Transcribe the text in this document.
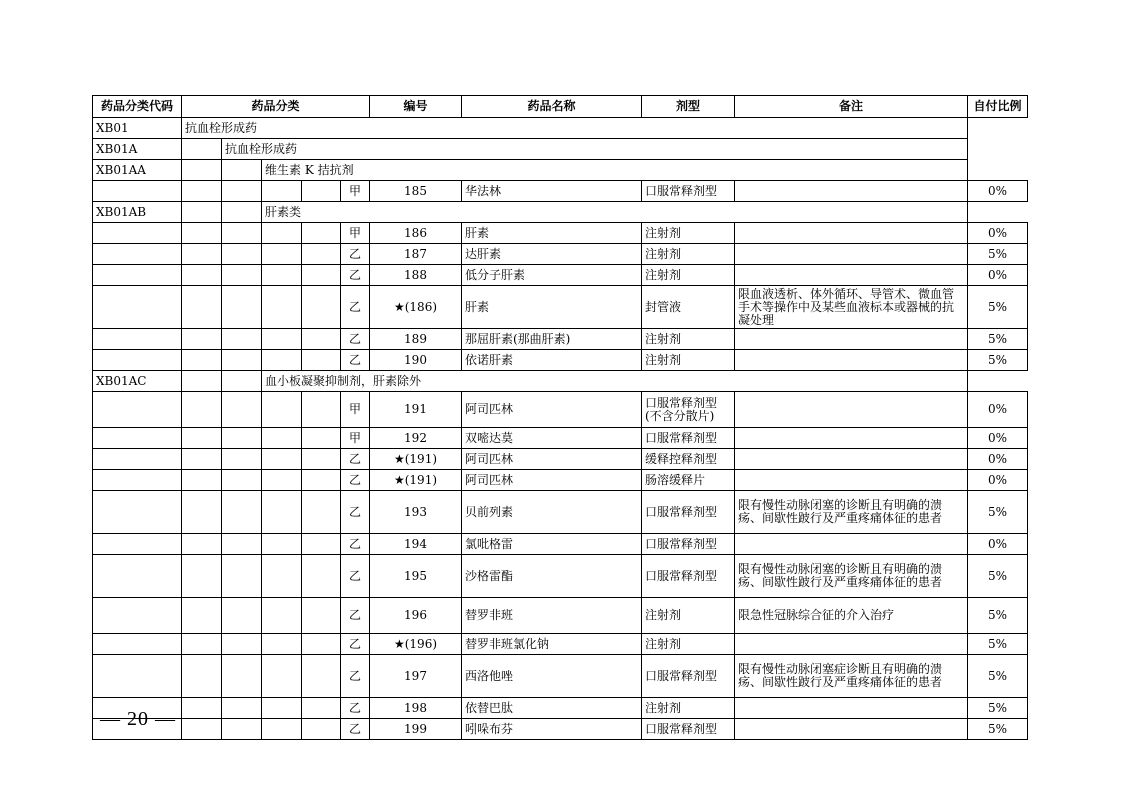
药品分类代码	药品分类					编号	药品名称	剂型	备注	自付比例
XB01	抗血栓形成药									
XB01A		抗血栓形成药								
XB01AA			维生素 K 拮抗剂							
					甲	185	华法林	口服常释剂型		0%
XB01AB			肝素类							
					甲	186	肝素	注射剂		0%
					乙	187	达肝素	注射剂		5%
					乙	188	低分子肝素	注射剂		0%
					乙	★(186)	肝素	封管液	限血液透析、体外循环、导管术、微血管手术等操作中及某些血液标本或器械的抗凝处理	5%
					乙	189	那屈肝素(那曲肝素)	注射剂		5%
					乙	190	依诺肝素	注射剂		5%
XB01AC			血小板凝聚抑制剂，肝素除外							
					甲	191	阿司匹林	口服常释剂型(不含分散片)		0%
					甲	192	双嘧达莫	口服常释剂型		0%
					乙	★(191)	阿司匹林	缓释控释剂型		0%
					乙	★(191)	阿司匹林	肠溶缓释片		0%
					乙	193	贝前列素	口服常释剂型	限有慢性动脉闭塞的诊断且有明确的溃疡、间歇性跛行及严重疼痛体征的患者	5%
					乙	194	氯吡格雷	口服常释剂型		0%
					乙	195	沙格雷酯	口服常释剂型	限有慢性动脉闭塞的诊断且有明确的溃疡、间歇性跛行及严重疼痛体征的患者	5%
					乙	196	替罗非班	注射剂	限急性冠脉综合征的介入治疗	5%
					乙	★(196)	替罗非班氯化钠	注射剂		5%
					乙	197	西洛他唑	口服常释剂型	限有慢性动脉闭塞症诊断且有明确的溃疡、间歇性跛行及严重疼痛体征的患者	5%
					乙	198	依替巴肽	注射剂		5%
					乙	199	吲哚布芬	口服常释剂型		5%
— 20 —
